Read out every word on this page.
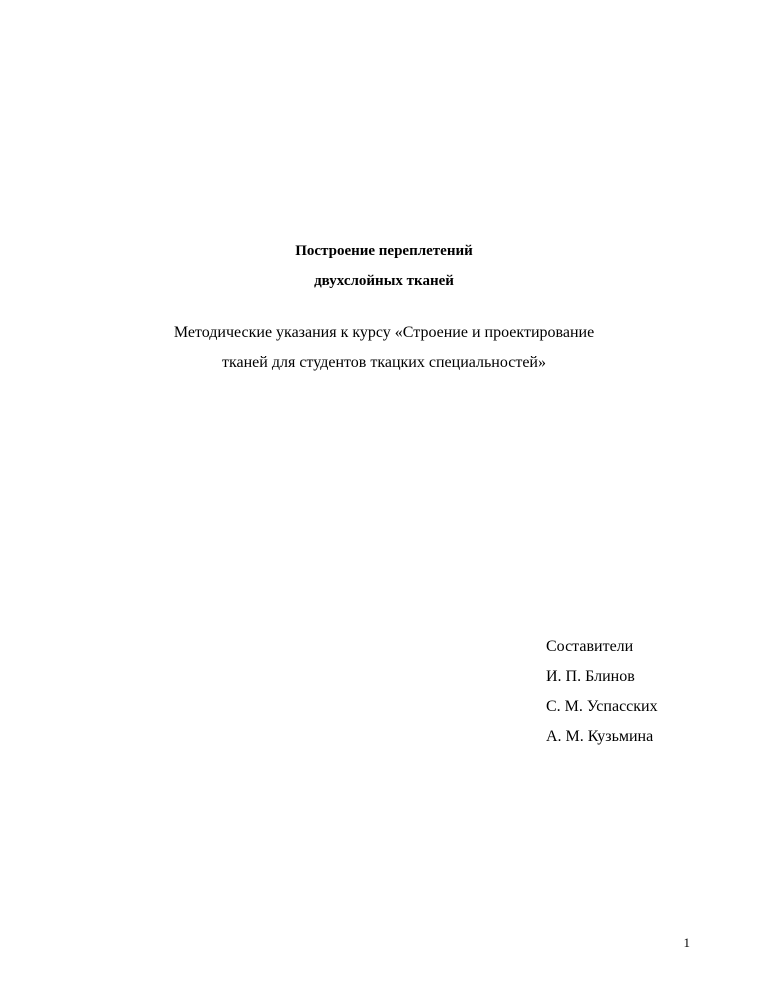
Построение переплетений
двухслойных тканей
Методические указания к курсу «Строение и проектирование
тканей для студентов ткацких специальностей»
Составители
И. П. Блинов
С. М. Успасских
А. М. Кузьмина
1
